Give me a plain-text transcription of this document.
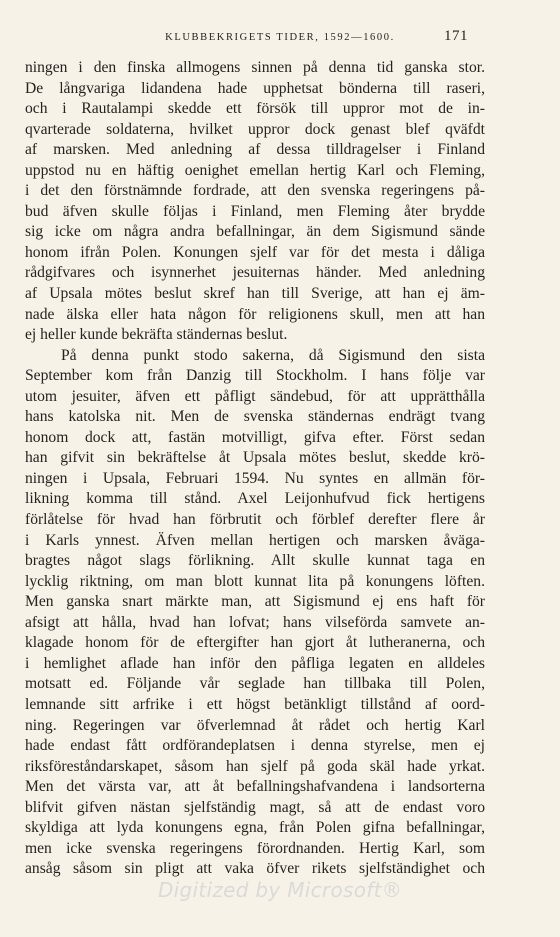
KLUBBEKRIGETS TIDER, 1592—1600.	171
ningen i den finska allmogens sinnen på denna tid ganska stor.
De långvariga lidandena hade upphetsat bönderna till raseri,
och i Rautalampi skedde ett försök till uppror mot de in-
qvarterade soldaterna, hvilket uppror dock genast blef qväfdt
af marsken. Med anledning af dessa tilldragelser i Finland
uppstod nu en häftig oenighet emellan hertig Karl och Fleming,
i det den förstnämnde fordrade, att den svenska regeringens på-
bud äfven skulle följas i Finland, men Fleming åter brydde
sig icke om några andra befallningar, än dem Sigismund sände
honom ifrån Polen. Konungen sjelf var för det mesta i dåliga
rådgifvares och isynnerhet jesuiternas händer. Med anledning
af Upsala mötes beslut skref han till Sverige, att han ej äm-
nade älska eller hata någon för religionens skull, men att han
ej heller kunde bekräfta ständernas beslut.
På denna punkt stodo sakerna, då Sigismund den sista
September kom från Danzig till Stockholm. I hans följe var
utom jesuiter, äfven ett påfligt sändebud, för att upprätthålla
hans katolska nit. Men de svenska ständernas endrägt tvang
honom dock att, fastän motvilligt, gifva efter. Först sedan
han gifvit sin bekräftelse åt Upsala mötes beslut, skedde krö-
ningen i Upsala, Februari 1594. Nu syntes en allmän för-
likning komma till stånd. Axel Leijonhufvud fick hertigens
förlåtelse för hvad han förbrutit och förblef derefter flere år
i Karls ynnest. Äfven mellan hertigen och marsken åväga-
bragtes något slags förlikning. Allt skulle kunnat taga en
lycklig riktning, om man blott kunnat lita på konungens löften.
Men ganska snart märkte man, att Sigismund ej ens haft för
afsigt att hålla, hvad han lofvat; hans vilseförda samvete an-
klagade honom för de eftergifter han gjort åt lutheranerna, och
i hemlighet aflade han inför den påfliga legaten en alldeles
motsatt ed. Följande vår seglade han tillbaka till Polen,
lemnande sitt arfrike i ett högst betänkligt tillstånd af oord-
ning. Regeringen var öfverlemnad åt rådet och hertig Karl
hade endast fått ordförandeplatsen i denna styrelse, men ej
riksföreståndarskapet, såsom han sjelf på goda skäl hade yrkat.
Men det värsta var, att åt befallningshafvandena i landsorterna
blifvit gifven nästan sjelfständig magt, så att de endast voro
skyldiga att lyda konungens egna, från Polen gifna befallningar,
men icke svenska regeringens förordnanden. Hertig Karl, som
ansåg såsom sin pligt att vaka öfver rikets sjelfständighet och
Digitized by Microsoft®
